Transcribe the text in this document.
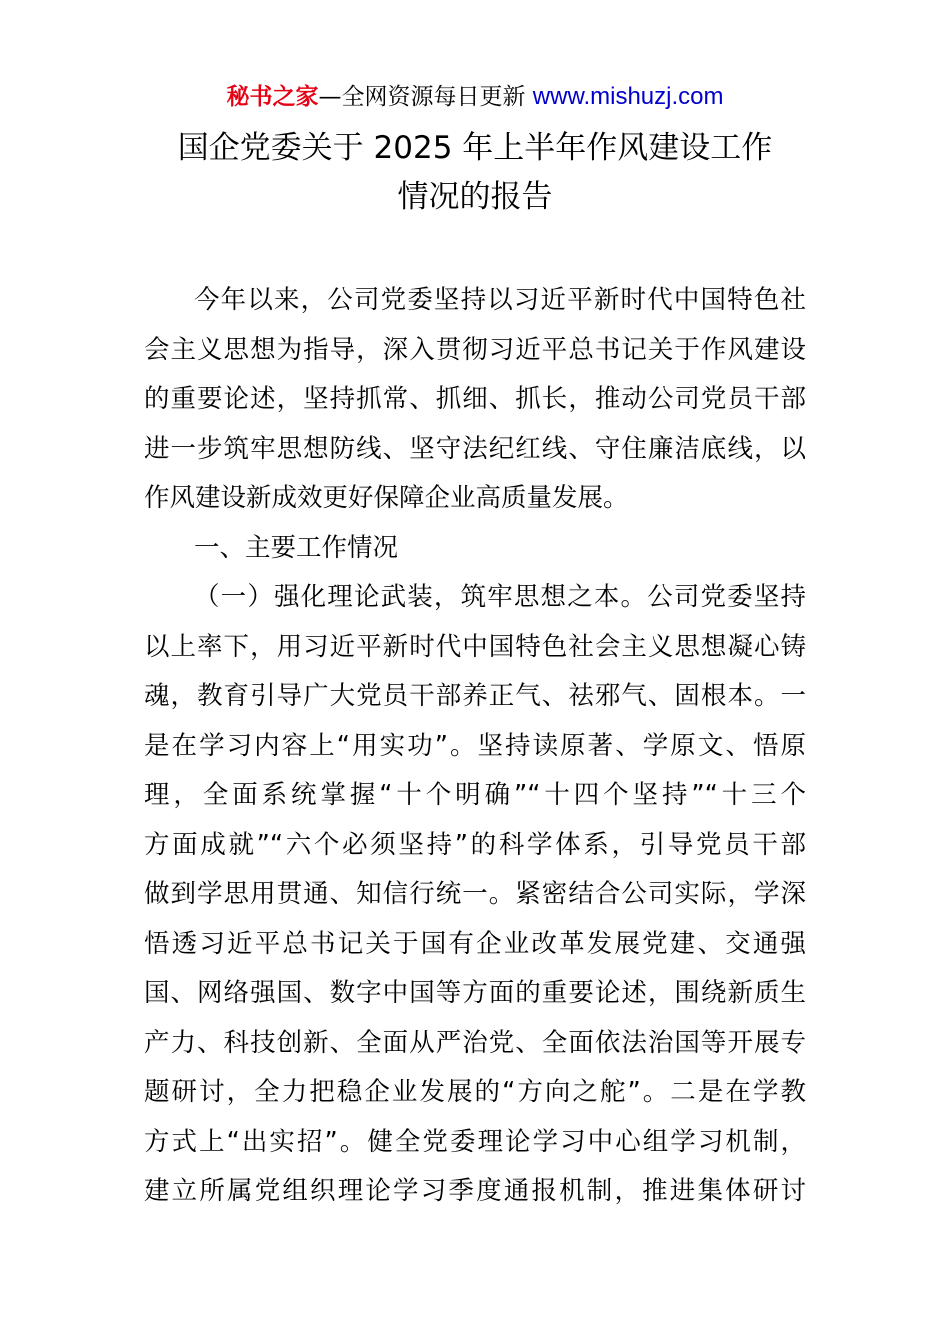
秘书之家—全网资源每日更新 www.mishuzj.com
国企党委关于 2025 年上半年作风建设工作
情况的报告
今年以来，公司党委坚持以习近平新时代中国特色社
会主义思想为指导，深入贯彻习近平总书记关于作风建设
的重要论述，坚持抓常、抓细、抓长，推动公司党员干部
进一步筑牢思想防线、坚守法纪红线、守住廉洁底线，以
作风建设新成效更好保障企业高质量发展。
一、主要工作情况
（一）强化理论武装，筑牢思想之本。公司党委坚持
以上率下，用习近平新时代中国特色社会主义思想凝心铸
魂，教育引导广大党员干部养正气、祛邪气、固根本。一
是在学习内容上“用实功”。坚持读原著、学原文、悟原
理，全面系统掌握“十个明确”“十四个坚持”“十三个
方面成就”“六个必须坚持”的科学体系，引导党员干部
做到学思用贯通、知信行统一。紧密结合公司实际，学深
悟透习近平总书记关于国有企业改革发展党建、交通强
国、网络强国、数字中国等方面的重要论述，围绕新质生
产力、科技创新、全面从严治党、全面依法治国等开展专
题研讨，全力把稳企业发展的“方向之舵”。二是在学教
方式上“出实招”。健全党委理论学习中心组学习机制，
建立所属党组织理论学习季度通报机制，推进集体研讨
